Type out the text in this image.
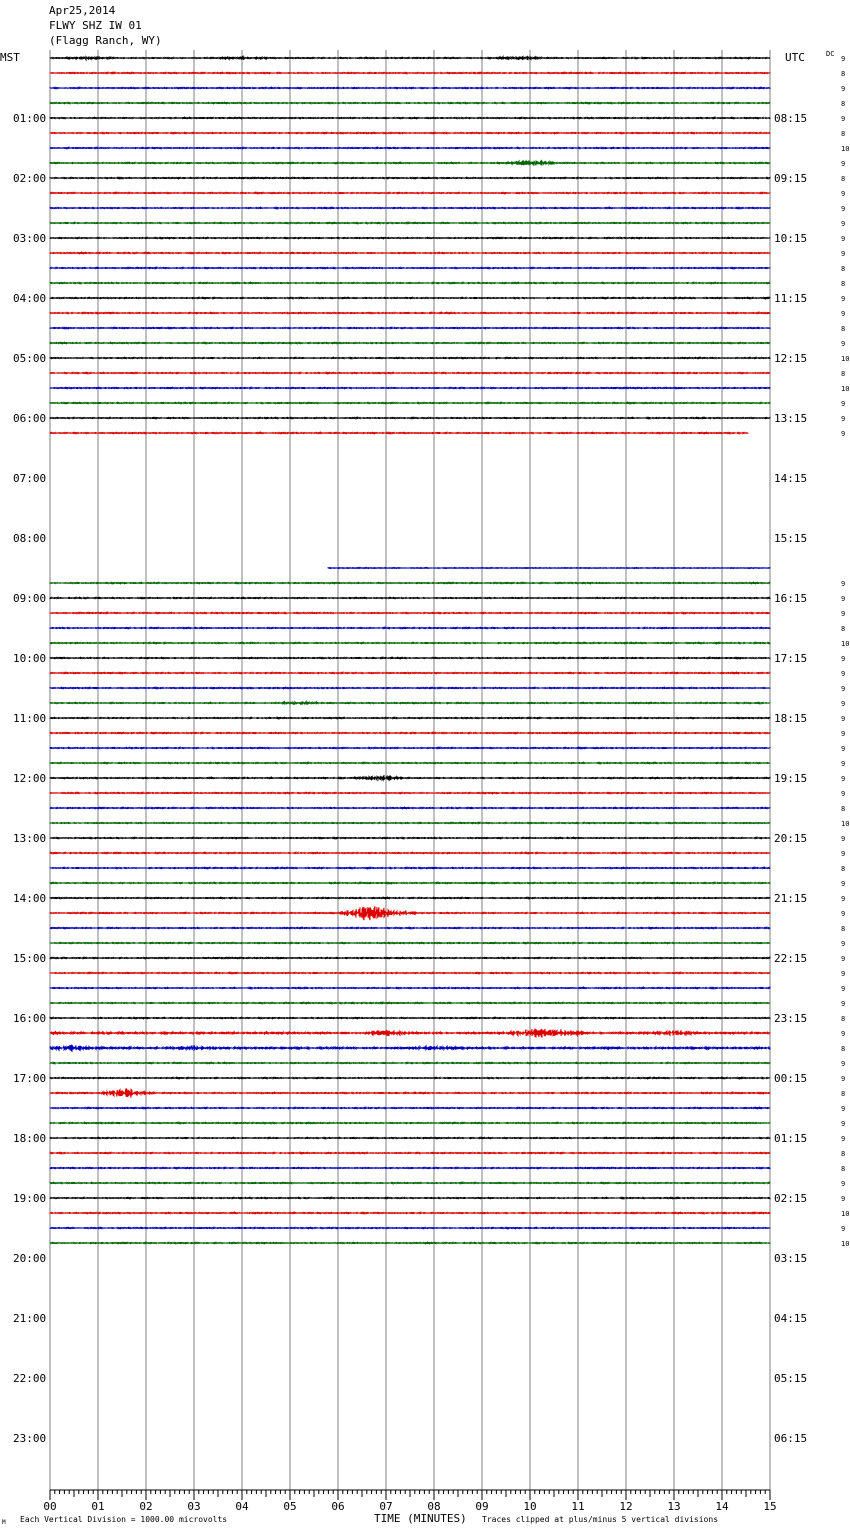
00	01	02	03	04	05	06	07	08	09	10	11	12	13	14	15
9
8
9
8
9
8
10
9
8
9
9
9
9
9
8
8
9
9
8
9
10
8
10
9
9
9
9
9
9
8
10
9
9
9
9
9
9
9
9
9
9
8
10
9
9
8
9
9
9
8
9
9
9
9
9
8
9
8
9
9
8
9
9
9
8
8
9
9
10
9
10
MST	UTC	DC
01:00
02:00
03:00
04:00
05:00
06:00
07:00
08:00
09:00
10:00
11:00
12:00
13:00
14:00
15:00
16:00
17:00
18:00
19:00
20:00
21:00
22:00
23:00
08:15
09:15
10:15
11:15
12:15
13:15
14:15
15:15
16:15
17:15
18:15
19:15
20:15
21:15
22:15
23:15
00:15
01:15
02:15
03:15
04:15
05:15
06:15
Apr25,2014
FLWY SHZ IW 01
(Flagg Ranch, WY)
M Each Vertical Division = 1000.00 microvolts	TIME (MINUTES) Traces clipped at plus/minus 5 vertical divisions
